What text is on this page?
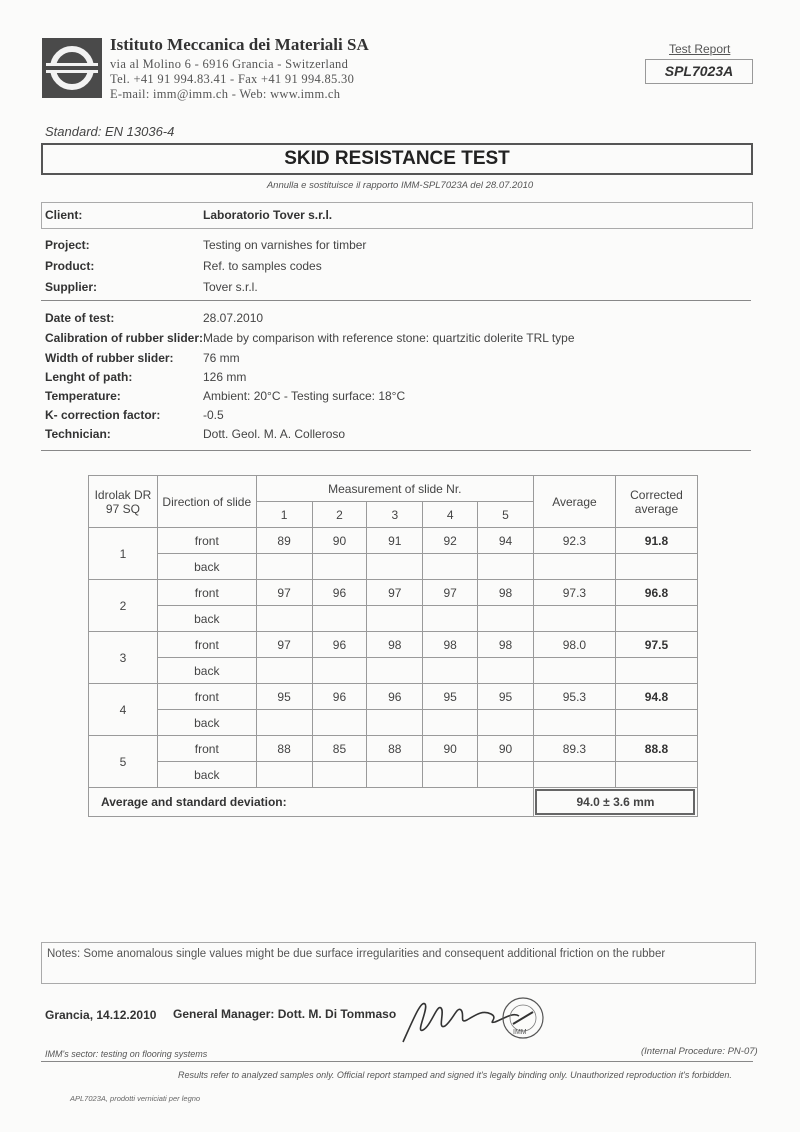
Istituto Meccanica dei Materiali SA
via al Molino 6 - 6916 Grancia - Switzerland
Tel. +41 91 994.83.41 - Fax +41 91 994.85.30
E-mail: imm@imm.ch - Web: www.imm.ch
Test Report
SPL7023A
Standard: EN 13036-4
SKID RESISTANCE TEST
Annulla e sostituisce il rapporto IMM-SPL7023A del 28.07.2010
Client:	Laboratorio Tover s.r.l.
Project:	Testing on varnishes for timber
Product:	Ref. to samples codes
Supplier:	Tover s.r.l.
Date of test:	28.07.2010
Calibration of rubber slider: Made by comparison with reference stone: quartzitic dolerite TRL type
Width of rubber slider: 76 mm
Lenght of path:	126 mm
Temperature:	Ambient: 20°C - Testing surface: 18°C
K- correction factor:	-0.5
Technician:	Dott. Geol. M. A. Colleroso
Idrolak DR 97 SQ	Direction of slide	Measurement of slide Nr.					Average	Corrected average
		1	2	3	4	5		
1	front	89	90	91	92	94	92.3	91.8
	back							
2	front	97	96	97	97	98	97.3	96.8
	back							
3	front	97	96	98	98	98	98.0	97.5
	back							
4	front	95	96	96	95	95	95.3	94.8
	back							
5	front	88	85	88	90	90	89.3	88.8
	back							
Average and standard deviation:							94.0 ± 3.6 mm	
Notes: Some anomalous single values might be due surface irregularities and consequent additional friction on the rubber
Grancia, 14.12.2010 General Manager: Dott. M. Di Tommaso
IMM
IMM's sector: testing on flooring systems	(Internal Procedure: PN-07)
Results refer to analyzed samples only. Official report stamped and signed it's legally binding only. Unauthorized reproduction it's forbidden.
APL7023A, prodotti verniciati per legno
